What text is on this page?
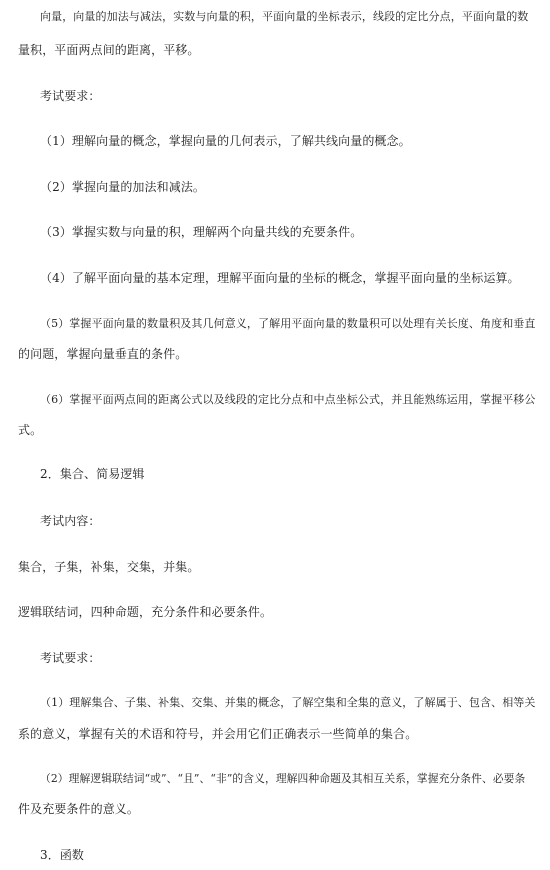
向量，向量的加法与减法，实数与向量的积，平面向量的坐标表示，线段的定比分点，平面向量的数
量积，平面两点间的距离，平移。
考试要求：
（1）理解向量的概念，掌握向量的几何表示，了解共线向量的概念。
（2）掌握向量的加法和减法。
（3）掌握实数与向量的积，理解两个向量共线的充要条件。
（4）了解平面向量的基本定理，理解平面向量的坐标的概念，掌握平面向量的坐标运算。
（5）掌握平面向量的数量积及其几何意义，了解用平面向量的数量积可以处理有关长度、角度和垂直
的问题，掌握向量垂直的条件。
（6）掌握平面两点间的距离公式以及线段的定比分点和中点坐标公式，并且能熟练运用，掌握平移公
式。
2．集合、简易逻辑
考试内容：
集合，子集，补集，交集，并集。
逻辑联结词，四种命题，充分条件和必要条件。
考试要求：
（1）理解集合、子集、补集、交集、并集的概念，了解空集和全集的意义，了解属于、包含、相等关
系的意义，掌握有关的术语和符号，并会用它们正确表示一些简单的集合。
（2）理解逻辑联结词“或”、“且”、“非”的含义，理解四种命题及其相互关系，掌握充分条件、必要条
件及充要条件的意义。
3．函数
